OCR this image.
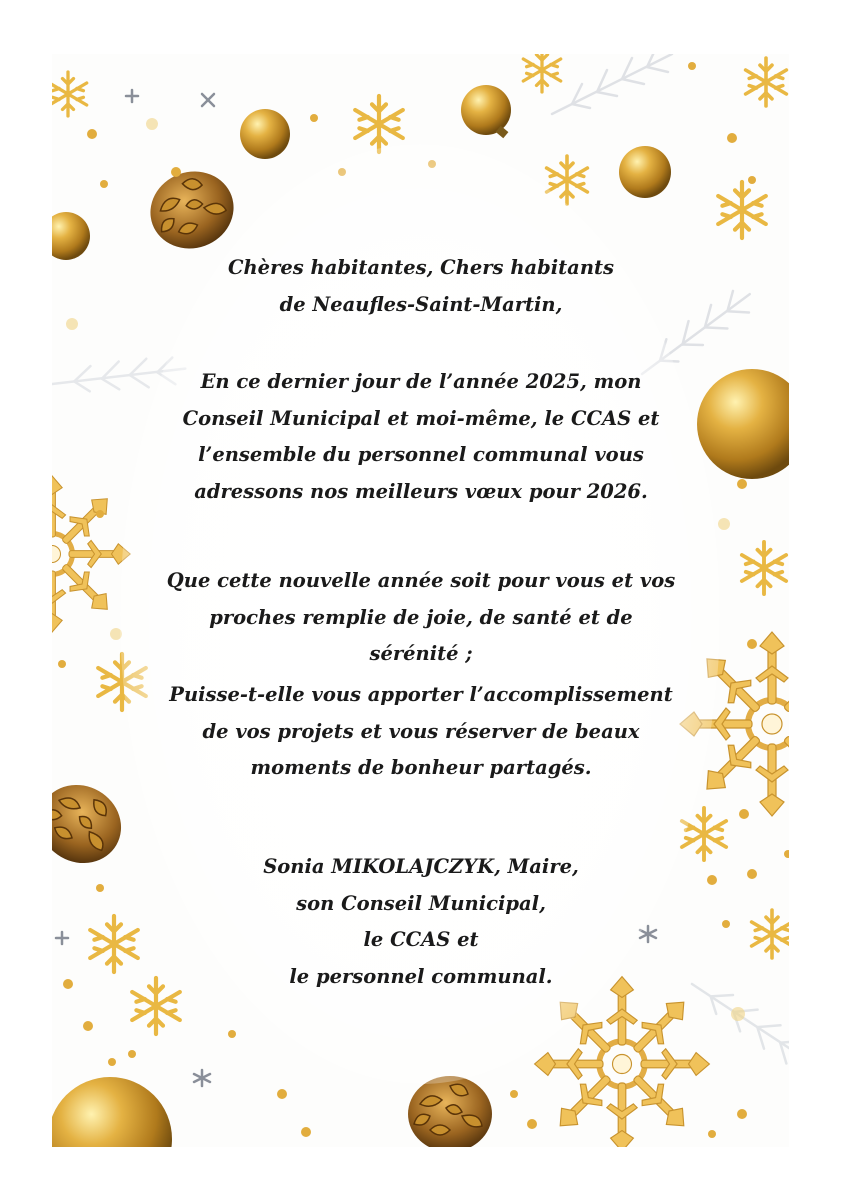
Chères habitantes, Chers habitants
de Neaufles-Saint-Martin,
En ce dernier jour de l’année 2025, mon
Conseil Municipal et moi-même, le CCAS et
l’ensemble du personnel communal vous
adressons nos meilleurs vœux pour 2026.
Que cette nouvelle année soit pour vous et vos
proches remplie de joie, de santé et de
sérénité ;
Puisse-t-elle vous apporter l’accomplissement
de vos projets et vous réserver de beaux
moments de bonheur partagés.
Sonia MIKOLAJCZYK, Maire,
son Conseil Municipal,
le CCAS et
le personnel communal.
